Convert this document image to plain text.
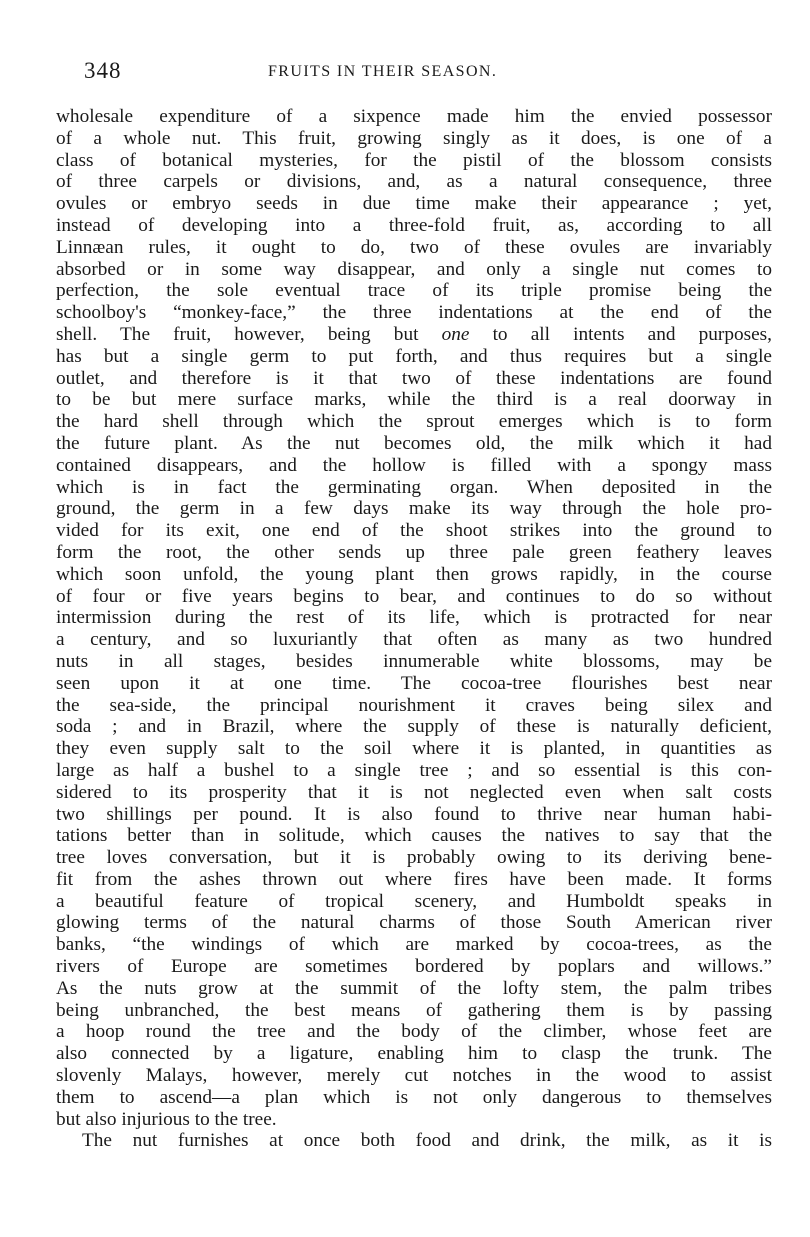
348	FRUITS IN THEIR SEASON.
wholesale expenditure of a sixpence made him the envied possessor
of a whole nut. This fruit, growing singly as it does, is one of a
class of botanical mysteries, for the pistil of the blossom consists
of three carpels or divisions, and, as a natural consequence, three
ovules or embryo seeds in due time make their appearance ; yet,
instead of developing into a three-fold fruit, as, according to all
Linnæan rules, it ought to do, two of these ovules are invariably
absorbed or in some way disappear, and only a single nut comes to
perfection, the sole eventual trace of its triple promise being the
schoolboy's “monkey-face,” the three indentations at the end of the
shell. The fruit, however, being but one to all intents and purposes,
has but a single germ to put forth, and thus requires but a single
outlet, and therefore is it that two of these indentations are found
to be but mere surface marks, while the third is a real doorway in
the hard shell through which the sprout emerges which is to form
the future plant. As the nut becomes old, the milk which it had
contained disappears, and the hollow is filled with a spongy mass
which is in fact the germinating organ. When deposited in the
ground, the germ in a few days make its way through the hole pro-
vided for its exit, one end of the shoot strikes into the ground to
form the root, the other sends up three pale green feathery leaves
which soon unfold, the young plant then grows rapidly, in the course
of four or five years begins to bear, and continues to do so without
intermission during the rest of its life, which is protracted for near
a century, and so luxuriantly that often as many as two hundred
nuts in all stages, besides innumerable white blossoms, may be
seen upon it at one time. The cocoa-tree flourishes best near
the sea-side, the principal nourishment it craves being silex and
soda ; and in Brazil, where the supply of these is naturally deficient,
they even supply salt to the soil where it is planted, in quantities as
large as half a bushel to a single tree ; and so essential is this con-
sidered to its prosperity that it is not neglected even when salt costs
two shillings per pound. It is also found to thrive near human habi-
tations better than in solitude, which causes the natives to say that the
tree loves conversation, but it is probably owing to its deriving bene-
fit from the ashes thrown out where fires have been made. It forms
a beautiful feature of tropical scenery, and Humboldt speaks in
glowing terms of the natural charms of those South American river
banks, “the windings of which are marked by cocoa-trees, as the
rivers of Europe are sometimes bordered by poplars and willows.”
As the nuts grow at the summit of the lofty stem, the palm tribes
being unbranched, the best means of gathering them is by passing
a hoop round the tree and the body of the climber, whose feet are
also connected by a ligature, enabling him to clasp the trunk. The
slovenly Malays, however, merely cut notches in the wood to assist
them to ascend—a plan which is not only dangerous to themselves
but also injurious to the tree.
The nut furnishes at once both food and drink, the milk, as it is
